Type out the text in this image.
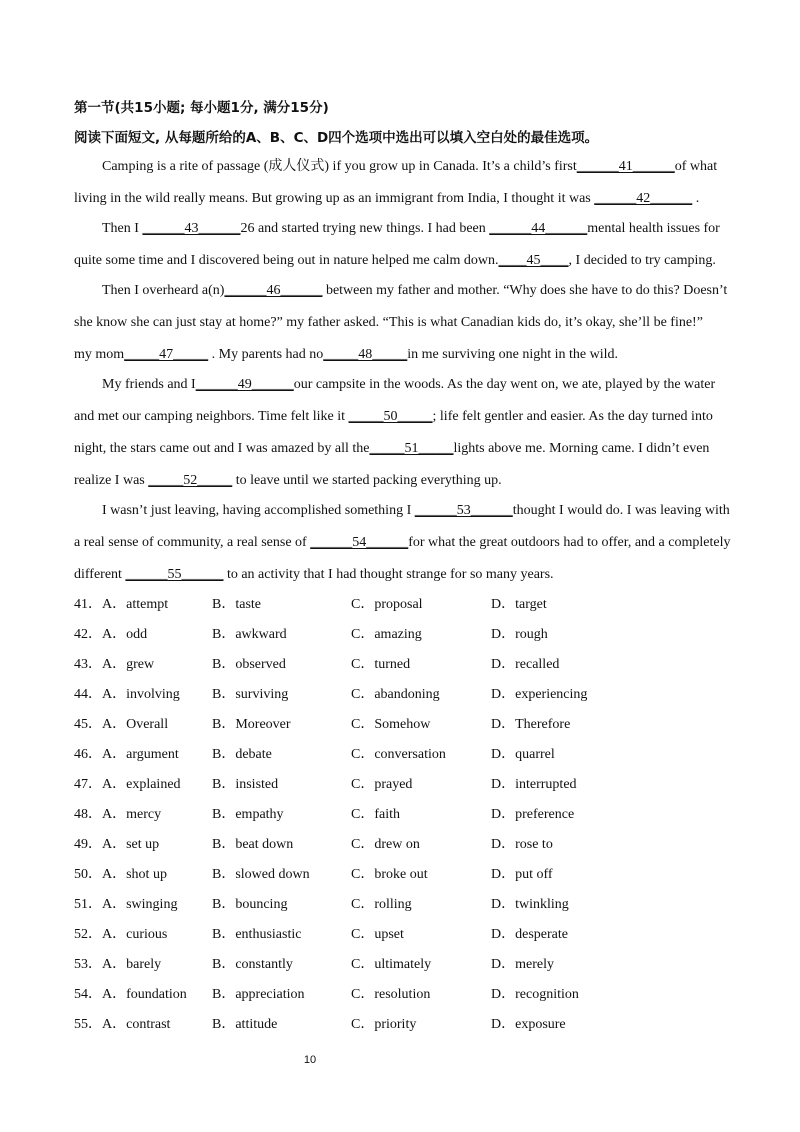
第一节(共15小题; 每小题1分, 满分15分)
阅读下面短文, 从每题所给的A、B、C、D四个选项中选出可以填入空白处的最佳选项。
Camping is a rite of passage (成人仪式) if you grow up in Canada. It’s a child’s first______41______of what
living in the wild really means. But growing up as an immigrant from India, I thought it was ______42______ .
Then I ______43______26 and started trying new things. I had been ______44______mental health issues for
quite some time and I discovered being out in nature helped me calm down.____45____, I decided to try camping.
Then I overheard a(n)______46______ between my father and mother. “Why does she have to do this? Doesn’t
she know she can just stay at home?” my father asked. “This is what Canadian kids do, it’s okay, she’ll be fine!”
my mom_____47_____ . My parents had no_____48_____in me surviving one night in the wild.
My friends and I______49______our campsite in the woods. As the day went on, we ate, played by the water
and met our camping neighbors. Time felt like it _____50_____; life felt gentler and easier. As the day turned into
night, the stars came out and I was amazed by all the_____51_____lights above me. Morning came. I didn’t even
realize I was _____52_____ to leave until we started packing everything up.
I wasn’t just leaving, having accomplished something I ______53______thought I would do. I was leaving with
a real sense of community, a real sense of ______54______for what the great outdoors had to offer, and a completely
different ______55______ to an activity that I had thought strange for so many years.
41．A．attempt	B．taste	C．proposal	D．target
42．A．odd	B．awkward	C．amazing	D．rough
43．A．grew	B．observed	C．turned	D．recalled
44．A．involving B．surviving	C．abandoning	D．experiencing
45．A．Overall	B．Moreover	C．Somehow	D．Therefore
46．A．argument B．debate	C．conversation	D．quarrel
47．A．explained B．insisted	C．prayed	D．interrupted
48．A．mercy	B．empathy	C．faith	D．preference
49．A．set up	B．beat down	C．drew on	D．rose to
50．A．shot up	B．slowed down	C．broke out	D．put off
51．A．swinging B．bouncing	C．rolling	D．twinkling
52．A．curious	B．enthusiastic	C．upset	D．desperate
53．A．barely	B．constantly	C．ultimately	D．merely
54．A．foundation B．appreciation	C．resolution	D．recognition
55．A．contrast	B．attitude	C．priority	D．exposure
10
